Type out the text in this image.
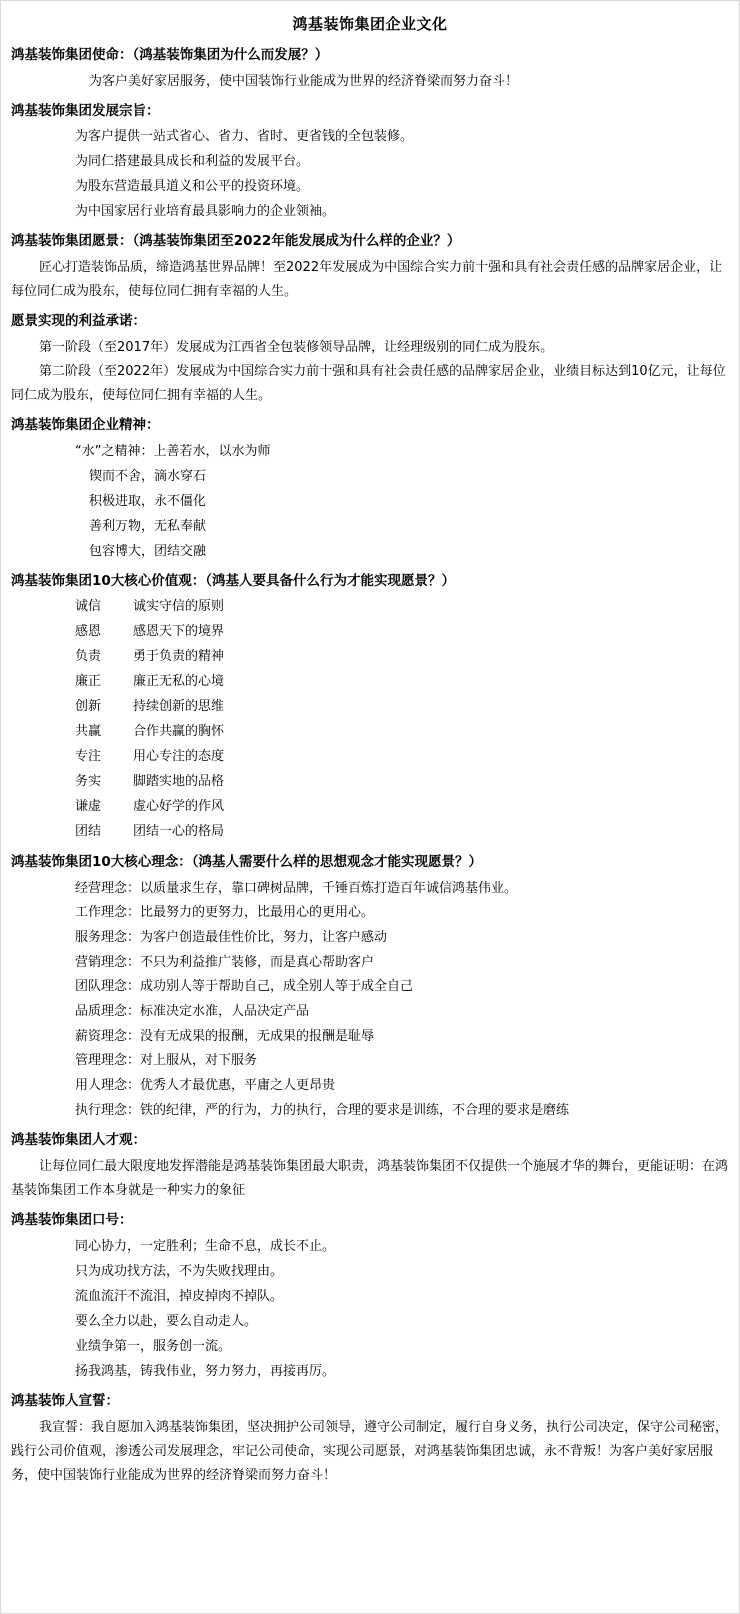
鸿基装饰集团企业文化
鸿基装饰集团使命：（鸿基装饰集团为什么而发展？）
为客户美好家居服务，使中国装饰行业能成为世界的经济脊梁而努力奋斗！
鸿基装饰集团发展宗旨：
为客户提供一站式省心、省力、省时、更省钱的全包装修。
为同仁搭建最具成长和利益的发展平台。
为股东营造最具道义和公平的投资环境。
为中国家居行业培育最具影响力的企业领袖。
鸿基装饰集团愿景：（鸿基装饰集团至2022年能发展成为什么样的企业？）
匠心打造装饰品质，缔造鸿基世界品牌！至2022年发展成为中国综合实力前十强和具有社会责任感的品牌家居企业，让每位同仁成为股东，使每位同仁拥有幸福的人生。
愿景实现的利益承诺：
第一阶段（至2017年）发展成为江西省全包装修领导品牌，让经理级别的同仁成为股东。
第二阶段（至2022年）发展成为中国综合实力前十强和具有社会责任感的品牌家居企业，业绩目标达到10亿元，让每位同仁成为股东，使每位同仁拥有幸福的人生。
鸿基装饰集团企业精神：
“水”之精神：上善若水，以水为师
锲而不舍，滴水穿石
积极进取，永不僵化
善利万物，无私奉献
包容博大，团结交融
鸿基装饰集团10大核心价值观：（鸿基人要具备什么行为才能实现愿景？）
诚信	诚实守信的原则
感恩	感恩天下的境界
负责	勇于负责的精神
廉正	廉正无私的心境
创新	持续创新的思维
共赢	合作共赢的胸怀
专注	用心专注的态度
务实	脚踏实地的品格
谦虚	虚心好学的作风
团结	团结一心的格局
鸿基装饰集团10大核心理念：（鸿基人需要什么样的思想观念才能实现愿景？）
经营理念 ： 以质量求生存，靠口碑树品牌，千锤百炼打造百年诚信鸿基伟业。
工作理念 ： 比最努力的更努力，比最用心的更用心。
服务理念 ： 为客户创造最佳性价比，努力，让客户感动
营销理念 ： 不只为利益推广装修，而是真心帮助客户
团队理念 ： 成功别人等于帮助自己，成全别人等于成全自己
品质理念 ： 标准决定水准，人品决定产品
薪资理念 ： 没有无成果的报酬，无成果的报酬是耻辱
管理理念 ： 对上服从，对下服务
用人理念 ： 优秀人才最优惠，平庸之人更昂贵
执行理念 ： 铁的纪律，严的行为，力的执行，合理的要求是训练，不合理的要求是磨练
鸿基装饰集团人才观：
让每位同仁最大限度地发挥潜能是鸿基装饰集团最大职责，鸿基装饰集团不仅提供一个施展才华的舞台，更能证明：在鸿基装饰集团工作本身就是一种实力的象征
鸿基装饰集团口号：
同心协力，一定胜利；生命不息，成长不止。
只为成功找方法，不为失败找理由。
流血流汗不流泪，掉皮掉肉不掉队。
要么全力以赴，要么自动走人。
业绩争第一，服务创一流。
扬我鸿基，铸我伟业，努力努力，再接再厉。
鸿基装饰人宣誓：
我宣誓：我自愿加入鸿基装饰集团，坚决拥护公司领导，遵守公司制定，履行自身义务，执行公司决定，保守公司秘密，践行公司价值观，渗透公司发展理念，牢记公司使命，实现公司愿景，对鸿基装饰集团忠诚，永不背叛！为客户美好家居服务，使中国装饰行业能成为世界的经济脊梁而努力奋斗！
